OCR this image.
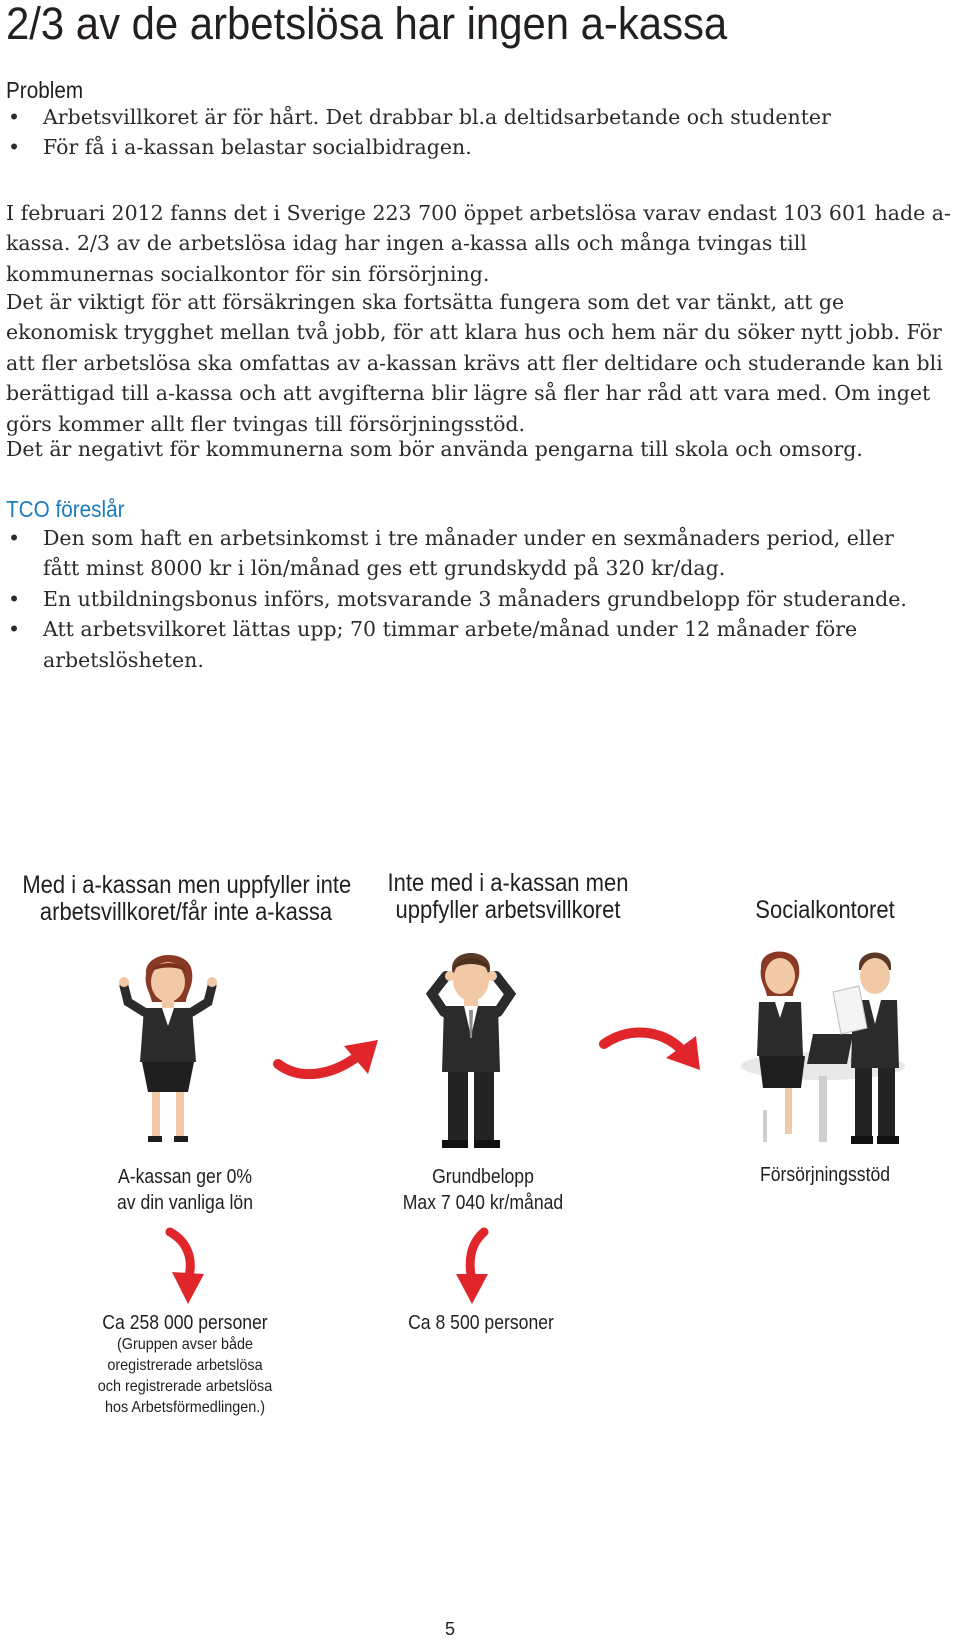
2/3 av de arbetslösa har ingen a-kassa
Problem
• Arbetsvillkoret är för hårt. Det drabbar bl.a deltidsarbetande och studenter
• För få i a-kassan belastar socialbidragen.

I februari 2012 fanns det i Sverige 223 700 öppet arbetslösa varav endast 103 601 hade a-kassa. 2/3 av de arbetslösa idag har ingen a-kassa alls och många tvingas till kommunernas socialkontor för sin försörjning.

Det är viktigt för att försäkringen ska fortsätta fungera som det var tänkt, att ge ekonomisk trygghet mellan två jobb, för att klara hus och hem när du söker nytt jobb. För att fler arbetslösa ska omfattas av a-kassan krävs att fler deltidare och studerande kan bli berättigad till a-kassa och att avgifterna blir lägre så fler har råd att vara med. Om inget görs kommer allt fler tvingas till försörjningsstöd.

Det är negativt för kommunerna som bör använda pengarna till skola och omsorg.

TCO föreslår
• Den som haft en arbetsinkomst i tre månader under en sexmånaders period, eller fått minst 8000 kr i lön/månad ges ett grundskydd på 320 kr/dag.
• En utbildningsbonus införs, motsvarande 3 månaders grundbelopp för studerande.
• Att arbetsvilkoret lättas upp; 70 timmar arbete/månad under 12 månader före arbetslösheten.
Med i a-kassan men uppfyller inte
arbetsvillkoret/får inte a-kassa
Inte med i a-kassan men
uppfyller arbetsvillkoret	Socialkontoret
A-kassan ger 0%
av din vanliga lön
Grundbelopp
Max 7 040 kr/månad
Försörjningsstöd
Ca 258 000 personer
(Gruppen avser både
oregistrerade arbetslösa
och registrerade arbetslösa
hos Arbetsförmedlingen.)
Ca 8 500 personer
5
